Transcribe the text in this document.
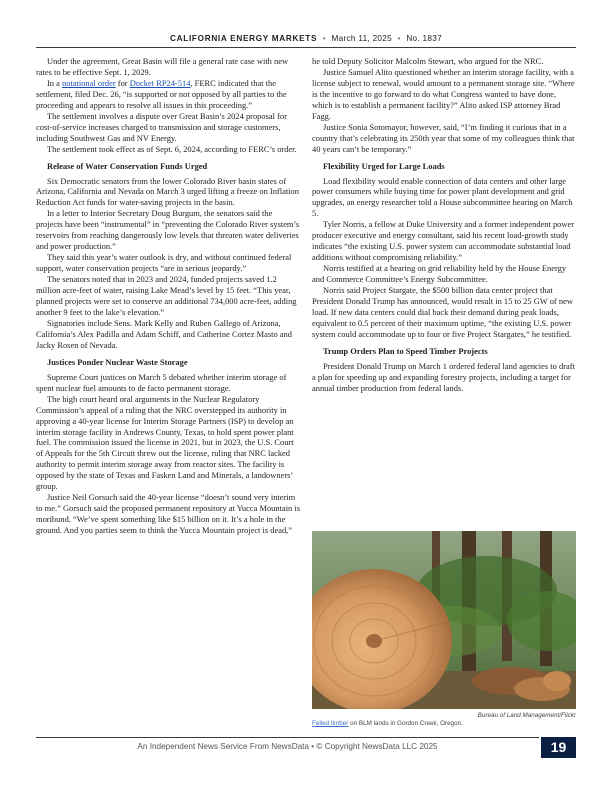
CALIFORNIA ENERGY MARKETS • March 11, 2025 • No. 1837

Under the agreement, Great Basin will file a general rate case with new rates to be effective Sept. 1, 2029.

In a notational order for Docket RP24-514, FERC indicated that the settlement, filed Dec. 26, “is supported or not opposed by all parties to the proceeding and appears to resolve all issues in this proceeding.”

The settlement involves a dispute over Great Basin’s 2024 proposal for cost-of-service increases charged to transmission and storage customers, including Southwest Gas and NV Energy.

The settlement took effect as of Sept. 6, 2024, according to FERC’s order.

Release of Water Conservation Funds Urged

Six Democratic senators from the lower Colorado River basin states of Arizona, California and Nevada on March 3 urged lifting a freeze on Inflation Reduction Act funds for water-saving projects in the basin.

In a letter to Interior Secretary Doug Burgum, the senators said the projects have been “instrumental” in “preventing the Colorado River system’s reservoirs from reaching dangerously low levels that threaten water deliveries and power production.”

They said this year’s water outlook is dry, and without continued federal support, water conservation projects “are in serious jeopardy.”

The senators noted that in 2023 and 2024, funded projects saved 1.2 million acre-feet of water, raising Lake Mead’s level by 15 feet. “This year, planned projects were set to conserve an additional 734,000 acre-feet, adding another 9 feet to the lake’s elevation.”

Signatories include Sens. Mark Kelly and Ruben Gallego of Arizona, California’s Alex Padilla and Adam Schiff, and Catherine Cortez Masto and Jacky Rosen of Nevada.

Justices Ponder Nuclear Waste Storage

Supreme Court justices on March 5 debated whether interim storage of spent nuclear fuel amounts to de facto permanent storage.

The high court heard oral arguments in the Nuclear Regulatory Commission’s appeal of a ruling that the NRC overstepped its authority in approving a 40-year license for Interim Storage Partners (ISP) to develop an interim storage facility in Andrews County, Texas, to hold spent power plant fuel. The commission issued the license in 2021, but in 2023, the U.S. Court of Appeals for the 5th Circuit threw out the license, ruling that NRC lacked authority to permit interim storage away from reactor sites. The facility is opposed by the state of Texas and Fasken Land and Minerals, a landowners’ group.

Justice Neil Gorsuch said the 40-year license “doesn’t sound very interim to me.” Gorsuch said the proposed permanent repository at Yucca Mountain is moribund. “We’ve spent something like $15 billion on it. It’s a hole in the ground. And you parties seem to think the Yucca Mountain project is dead,”

he told Deputy Solicitor Malcolm Stewart, who argued for the NRC.

Justice Samuel Alito questioned whether an interim storage facility, with a license subject to renewal, would amount to a permanent storage site. “Where is the incentive to go forward to do what Congress wanted to have done, which is to establish a permanent facility?” Alito asked ISP attorney Brad Fagg.

Justice Sonia Sotomayor, however, said, “I’m finding it curious that in a country that’s celebrating its 250th year that some of my colleagues think that 40 years can’t be temporary.”

Flexibility Urged for Large Loads

Load flexibility would enable connection of data centers and other large power consumers while buying time for power plant development and grid upgrades, an energy researcher told a House subcommittee hearing on March 5.

Tyler Norris, a fellow at Duke University and a former independent power producer executive and energy consultant, said his recent load-growth study indicates “the existing U.S. power system can accommodate substantial load additions without compromising reliability.”

Norris testified at a hearing on grid reliability held by the House Energy and Commerce Committee’s Energy Subcommittee.

Norris said Project Stargate, the $500 billion data center project that President Donald Trump has announced, would result in 15 to 25 GW of new load. If new data centers could dial back their demand during peak loads, equivalent to 0.5 percent of their maximum uptime, “the existing U.S. power system could accommodate up to four or five Project Stargates,” he testified.

Trump Orders Plan to Speed Timber Projects

President Donald Trump on March 1 ordered federal land agencies to draft a plan for speeding up and expanding forestry projects, including a target for annual timber production from federal lands.

Bureau of Land Management/Flickr
Felled timber on BLM lands in Gordon Creek, Oregon.
An Independent News Service From NewsData • © Copyright NewsData LLC 2025	19
